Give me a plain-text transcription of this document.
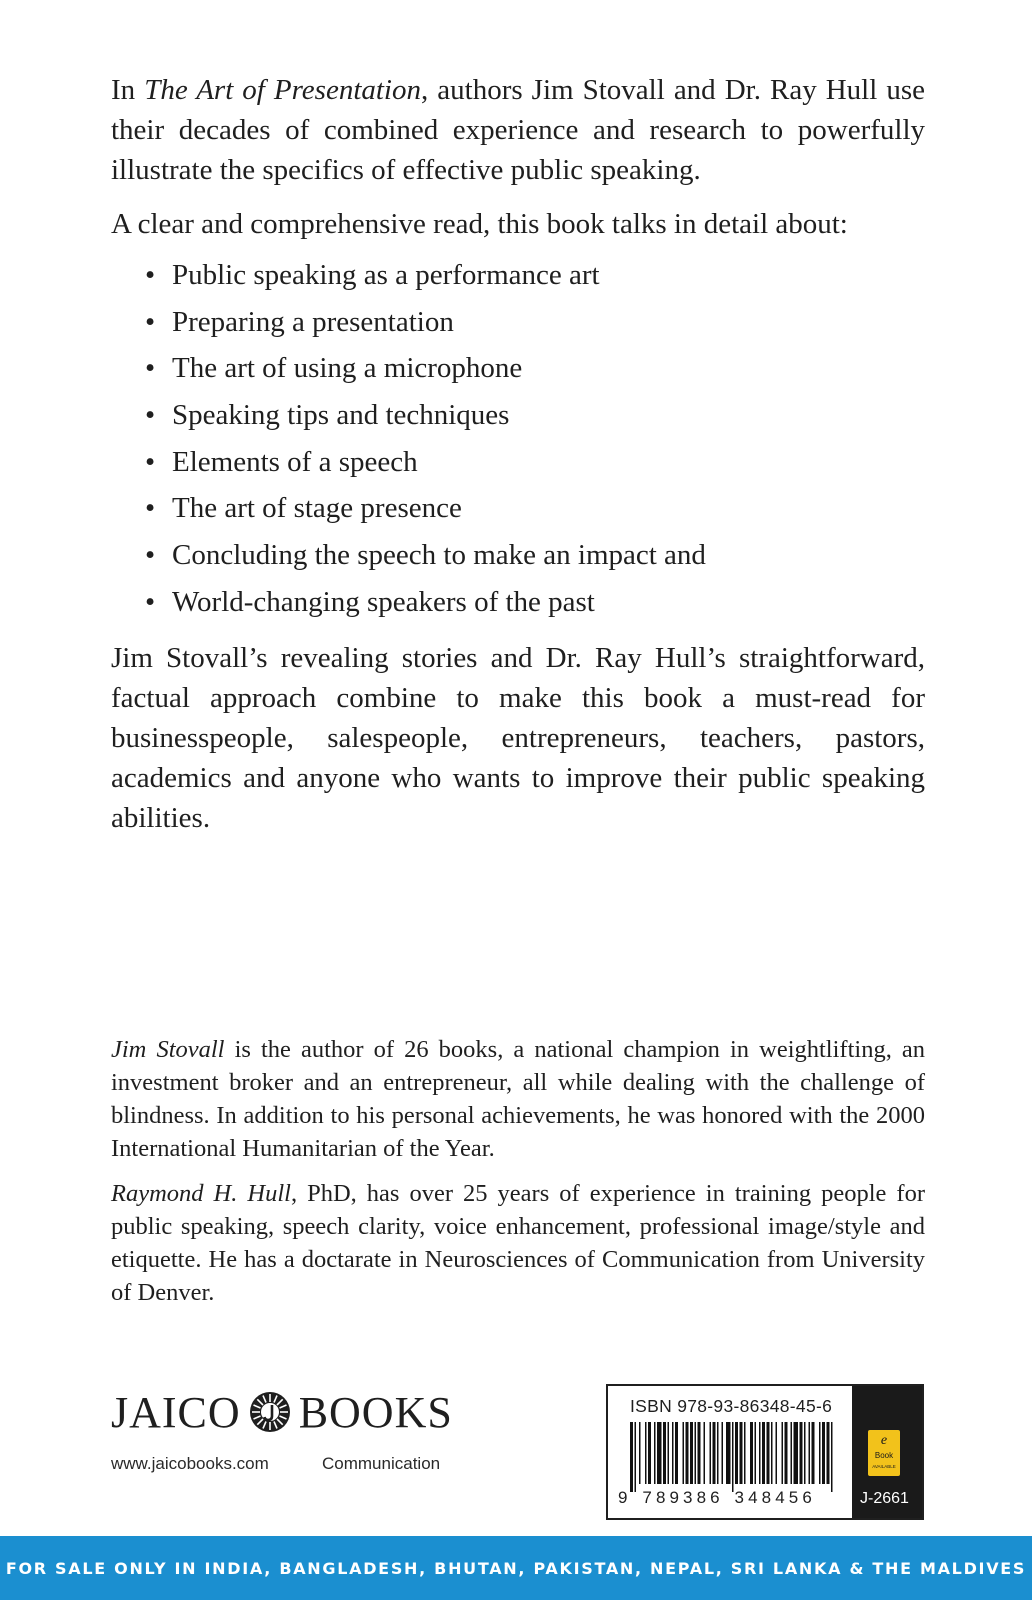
In The Art of Presentation, authors Jim Stovall and Dr. Ray Hull use their decades of combined experience and research to powerfully illustrate the specifics of effective public speaking.

A clear and comprehensive read, this book talks in detail about:

• Public speaking as a performance art
• Preparing a presentation
• The art of using a microphone
• Speaking tips and techniques
• Elements of a speech
• The art of stage presence
• Concluding the speech to make an impact and
• World-changing speakers of the past

Jim Stovall’s revealing stories and Dr. Ray Hull’s straightforward, factual approach combine to make this book a must-read for businesspeople, salespeople, entrepreneurs, teachers, pastors, academics and anyone who wants to improve their public speaking abilities.

Jim Stovall is the author of 26 books, a national champion in weightlifting, an investment broker and an entrepreneur, all while dealing with the challenge of blindness. In addition to his personal achievements, he was honored with the 2000 International Humanitarian of the Year.

Raymond H. Hull, PhD, has over 25 years of experience in training people for public speaking, speech clarity, voice enhancement, professional image/style and etiquette. He has a doctarate in Neurosciences of Communication from University of Denver.

JAICO BOOKS
www.jaicobooks.com	Communication
ISBN 978-93-86348-45-6
9 789386 348456
e
Book
AVAILABLE
J-2661
FOR SALE ONLY IN INDIA, BANGLADESH, BHUTAN, PAKISTAN, NEPAL, SRI LANKA & THE MALDIVES
